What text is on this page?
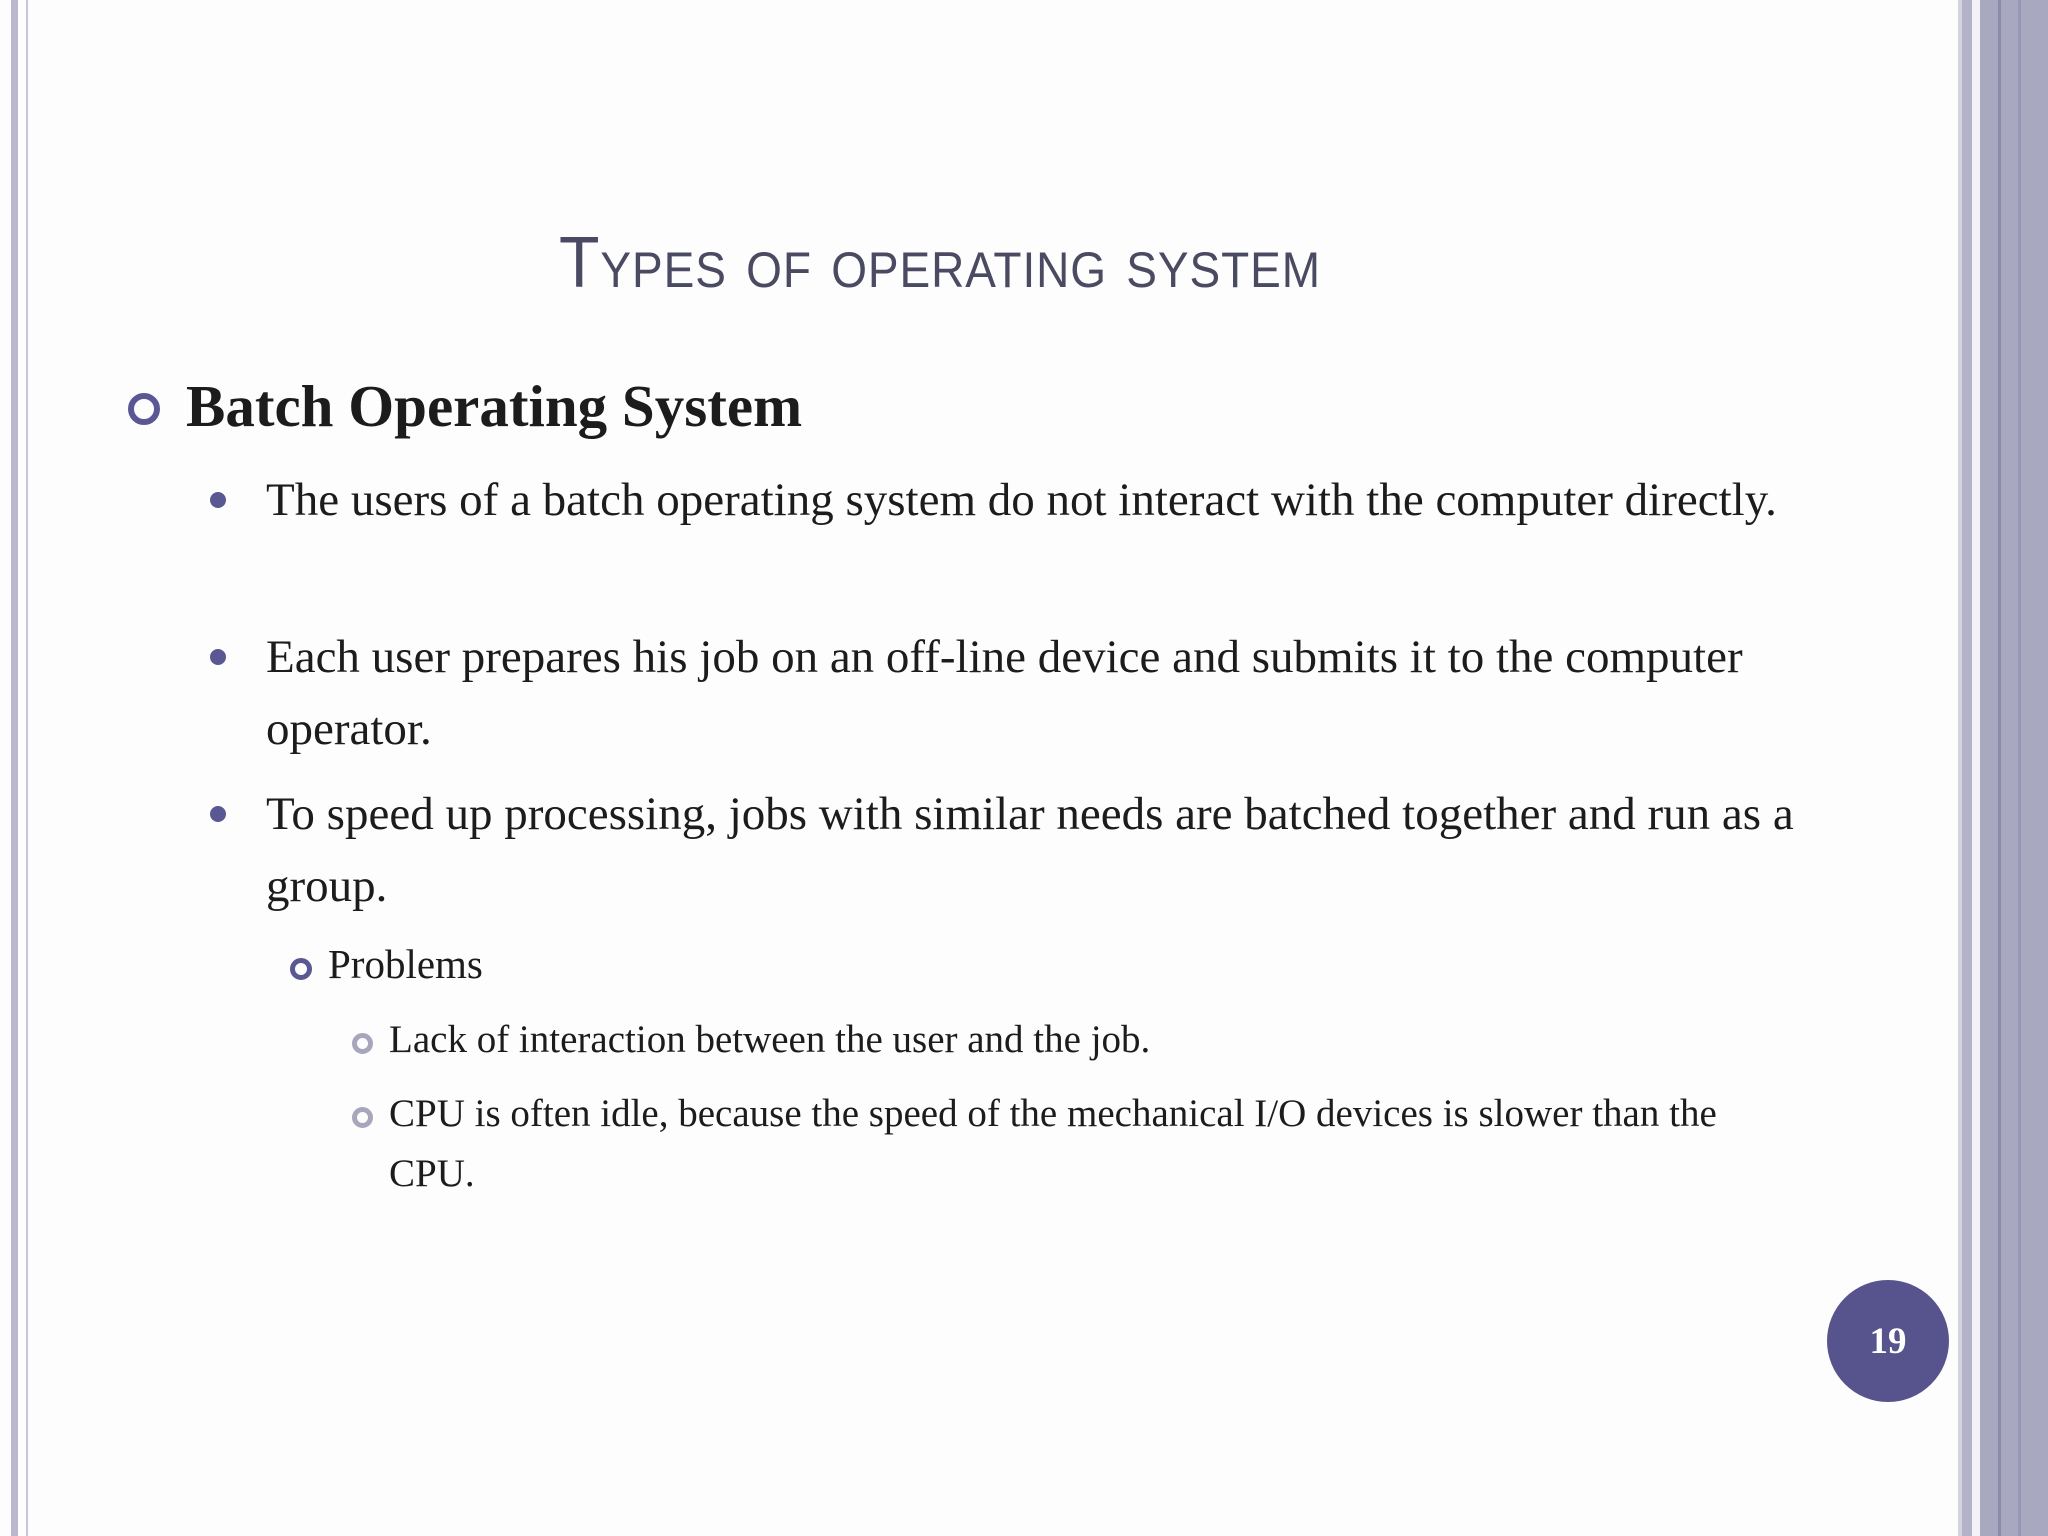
Types of operating system
Batch Operating System
The users of a batch operating system do not interact with the computer directly.
Each user prepares his job on an off-line device and submits it to the computer operator.
To speed up processing, jobs with similar needs are batched together and run as a group.
Problems
Lack of interaction between the user and the job.
CPU is often idle, because the speed of the mechanical I/O devices is slower than the CPU.
19
